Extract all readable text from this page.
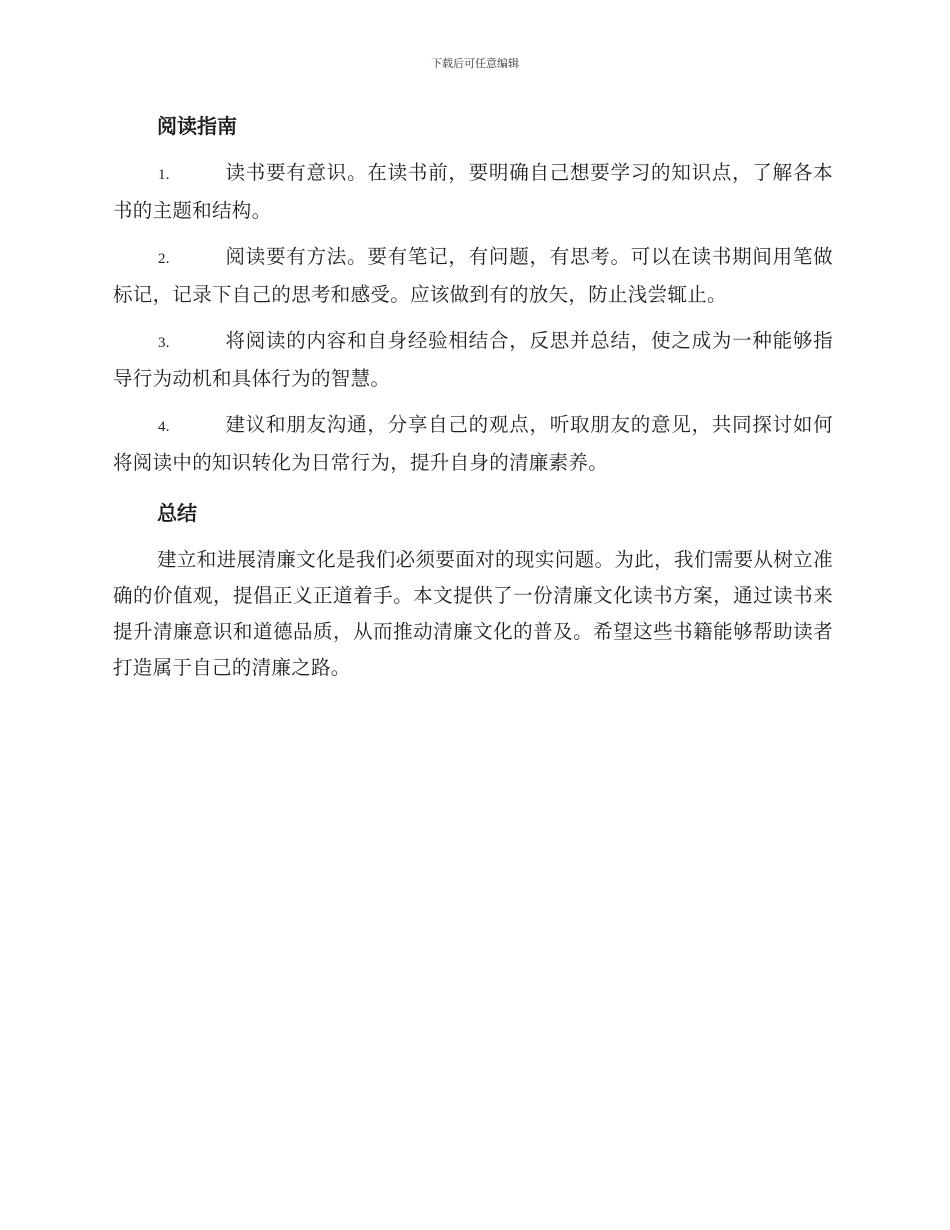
下载后可任意编辑
阅读指南
1.	读书要有意识。在读书前，要明确自己想要学习的知识点，了解各本书的主题和结构。
2.	阅读要有方法。要有笔记，有问题，有思考。可以在读书期间用笔做标记，记录下自己的思考和感受。应该做到有的放矢，防止浅尝辄止。
3.	将阅读的内容和自身经验相结合，反思并总结，使之成为一种能够指导行为动机和具体行为的智慧。
4.	建议和朋友沟通，分享自己的观点，听取朋友的意见，共同探讨如何将阅读中的知识转化为日常行为，提升自身的清廉素养。
总结

建立和进展清廉文化是我们必须要面对的现实问题。为此，我们需要从树立准确的价值观，提倡正义正道着手。本文提供了一份清廉文化读书方案，通过读书来提升清廉意识和道德品质，从而推动清廉文化的普及。希望这些书籍能够帮助读者打造属于自己的清廉之路。
